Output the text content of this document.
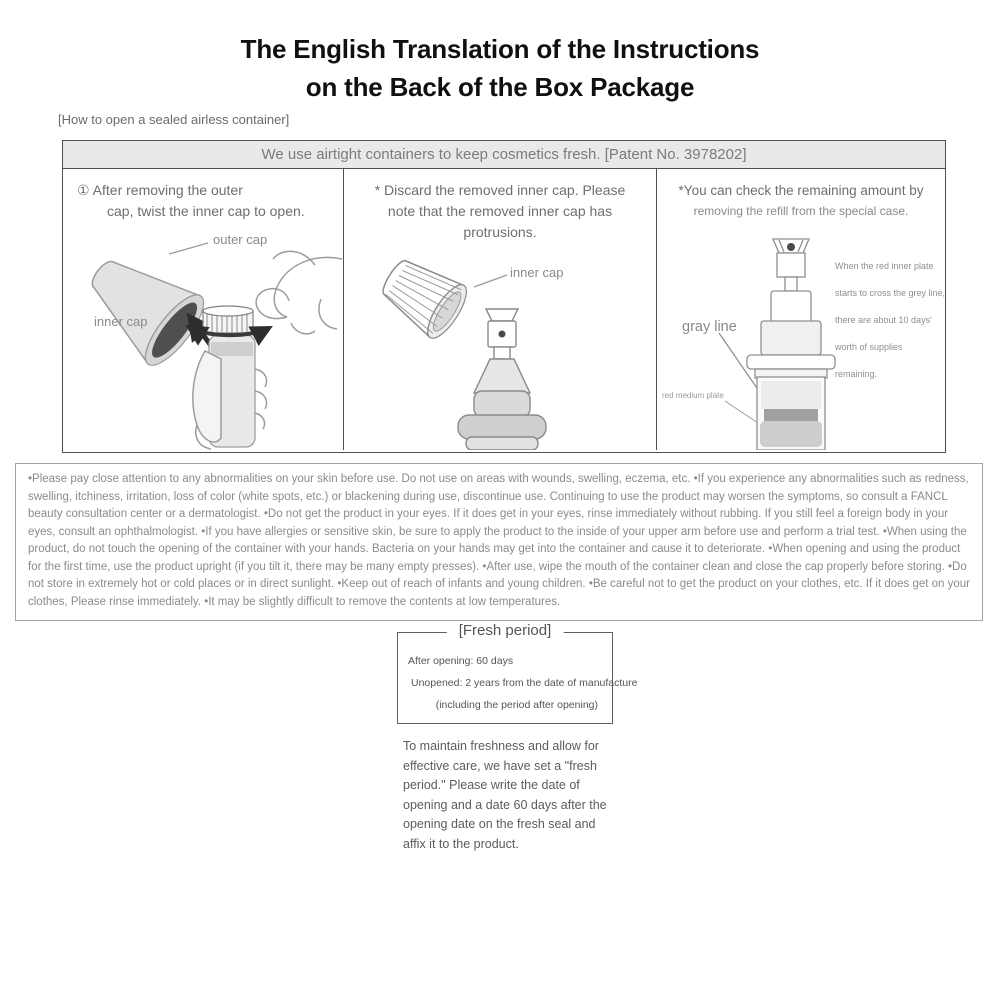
The English Translation of the Instructions
on the Back of the Box Package
[How to open a sealed airless container]
We use airtight containers to keep cosmetics fresh. [Patent No. 3978202]
① After removing the outer
cap, twist the inner cap to open.
outer cap
inner cap
* Discard the removed inner cap. Please
note that the removed inner cap has
protrusions.
inner cap
*You can check the remaining amount by
removing the refill from the special case.
gray line
red medium plate
When the red inner plate
starts to cross the grey line,
there are about 10 days'
worth of supplies remaining.
•Please pay close attention to any abnormalities on your skin before use. Do not use on areas with wounds, swelling, eczema, etc. •If you experience any abnormalities such as redness, swelling, itchiness, irritation, loss of color (white spots, etc.) or blackening during use, discontinue use. Continuing to use the product may worsen the symptoms, so consult a FANCL beauty consultation center or a dermatologist. •Do not get the product in your eyes. If it does get in your eyes, rinse immediately without rubbing. If you still feel a foreign body in your eyes, consult an ophthalmologist. •If you have allergies or sensitive skin, be sure to apply the product to the inside of your upper arm before use and perform a trial test. •When using the product, do not touch the opening of the container with your hands. Bacteria on your hands may get into the container and cause it to deteriorate. •When opening and using the product for the first time, use the product upright (if you tilt it, there may be many empty presses). •After use, wipe the mouth of the container clean and close the cap properly before storing. •Do not store in extremely hot or cold places or in direct sunlight. •Keep out of reach of infants and young children. •Be careful not to get the product on your clothes, etc. If it does get on your clothes, Please rinse immediately. •It may be slightly difficult to remove the contents at low temperatures.
[Fresh period]
After opening: 60 days
Unopened: 2 years from the date of manufacture
(including the period after opening)
To maintain freshness and allow for effective care, we have set a "fresh period." Please write the date of opening and a date 60 days after the opening date on the fresh seal and affix it to the product.
